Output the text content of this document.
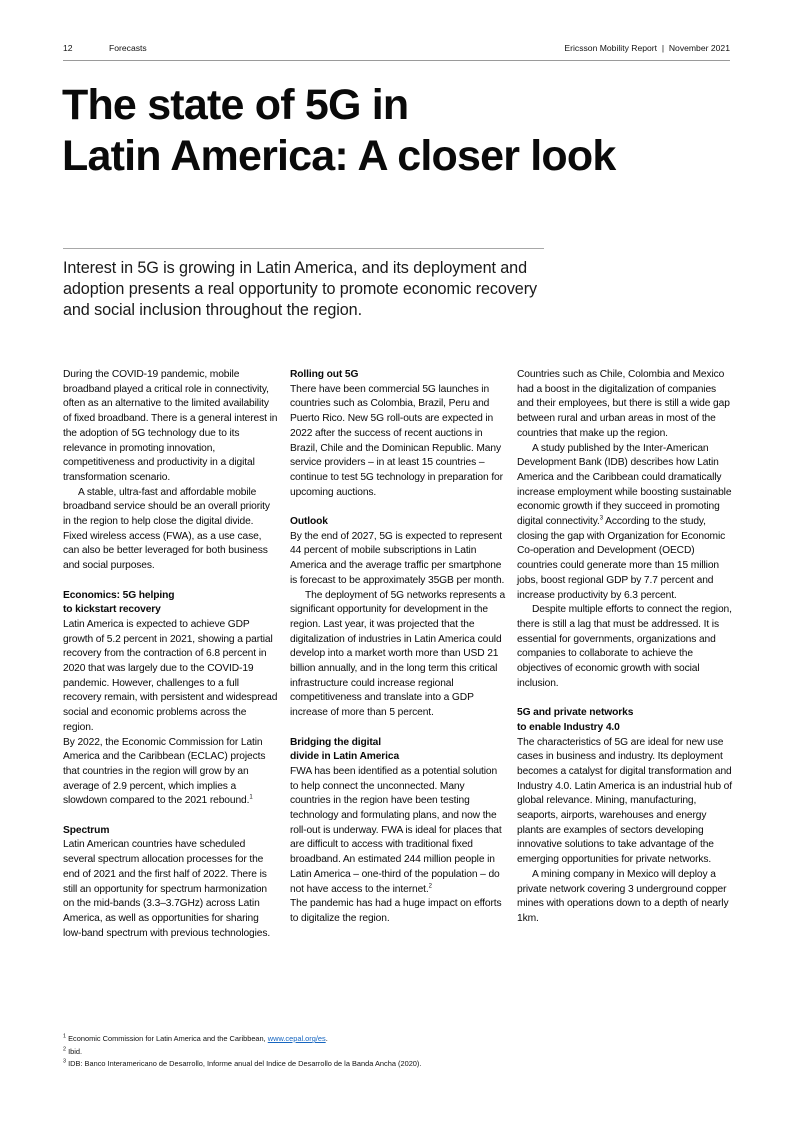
12	Forecasts	Ericsson Mobility Report  |  November 2021
The state of 5G in
Latin America: A closer look

Interest in 5G is growing in Latin America, and its deployment and adoption presents a real opportunity to promote economic recovery and social inclusion throughout the region.

During the COVID-19 pandemic, mobile broadband played a critical role in connectivity, often as an alternative to the limited availability of fixed broadband. There is a general interest in the adoption of 5G technology due to its relevance in promoting innovation, competitiveness and productivity in a digital transformation scenario.

A stable, ultra-fast and affordable mobile broadband service should be an overall priority in the region to help close the digital divide. Fixed wireless access (FWA), as a use case, can also be better leveraged for both business and social purposes.

Economics: 5G helping
to kickstart recovery

Latin America is expected to achieve GDP growth of 5.2 percent in 2021, showing a partial recovery from the contraction of 6.8 percent in 2020 that was largely due to the COVID-19 pandemic. However, challenges to a full recovery remain, with persistent and widespread social and economic problems across the region.

By 2022, the Economic Commission for Latin America and the Caribbean (ECLAC) projects that countries in the region will grow by an average of 2.9 percent, which implies a slowdown compared to the 2021 rebound.$^1$

Spectrum

Latin American countries have scheduled several spectrum allocation processes for the end of 2021 and the first half of 2022. There is still an opportunity for spectrum harmonization on the mid-bands (3.3–3.7GHz) across Latin America, as well as opportunities for sharing low-band spectrum with previous technologies.

Rolling out 5G

There have been commercial 5G launches in countries such as Colombia, Brazil, Peru and Puerto Rico. New 5G roll-outs are expected in 2022 after the success of recent auctions in Brazil, Chile and the Dominican Republic. Many service providers – in at least 15 countries – continue to test 5G technology in preparation for upcoming auctions.

Outlook

By the end of 2027, 5G is expected to represent 44 percent of mobile subscriptions in Latin America and the average traffic per smartphone is forecast to be approximately 35GB per month.

The deployment of 5G networks represents a significant opportunity for development in the region. Last year, it was projected that the digitalization of industries in Latin America could develop into a market worth more than USD 21 billion annually, and in the long term this critical infrastructure could increase regional competitiveness and translate into a GDP increase of more than 5 percent.

Bridging the digital
divide in Latin America

FWA has been identified as a potential solution to help connect the unconnected. Many countries in the region have been testing technology and formulating plans, and now the roll-out is underway. FWA is ideal for places that are difficult to access with traditional fixed broadband. An estimated 244 million people in Latin America – one-third of the population – do not have access to the internet.$^2$

The pandemic has had a huge impact on efforts to digitalize the region.

Countries such as Chile, Colombia and Mexico had a boost in the digitalization of companies and their employees, but there is still a wide gap between rural and urban areas in most of the countries that make up the region.

A study published by the Inter-American Development Bank (IDB) describes how Latin America and the Caribbean could dramatically increase employment while boosting sustainable economic growth if they succeed in promoting digital connectivity.$^3$ According to the study, closing the gap with Organization for Economic Co-operation and Development (OECD) countries could generate more than 15 million jobs, boost regional GDP by 7.7 percent and increase productivity by 6.3 percent.

Despite multiple efforts to connect the region, there is still a lag that must be addressed. It is essential for governments, organizations and companies to collaborate to achieve the objectives of economic growth with social inclusion.

5G and private networks
to enable Industry 4.0

The characteristics of 5G are ideal for new use cases in business and industry. Its deployment becomes a catalyst for digital transformation and Industry 4.0. Latin America is an industrial hub of global relevance. Mining, manufacturing, seaports, airports, warehouses and energy plants are examples of sectors developing innovative solutions to take advantage of the emerging opportunities for private networks.

A mining company in Mexico will deploy a private network covering 3 underground copper mines with operations down to a depth of nearly 1km.

$^1$ Economic Commission for Latin America and the Caribbean, www.cepal.org/es.
$^2$ Ibid.
$^3$ IDB: Banco Interamericano de Desarrollo, Informe anual del Indice de Desarrollo de la Banda Ancha (2020).
